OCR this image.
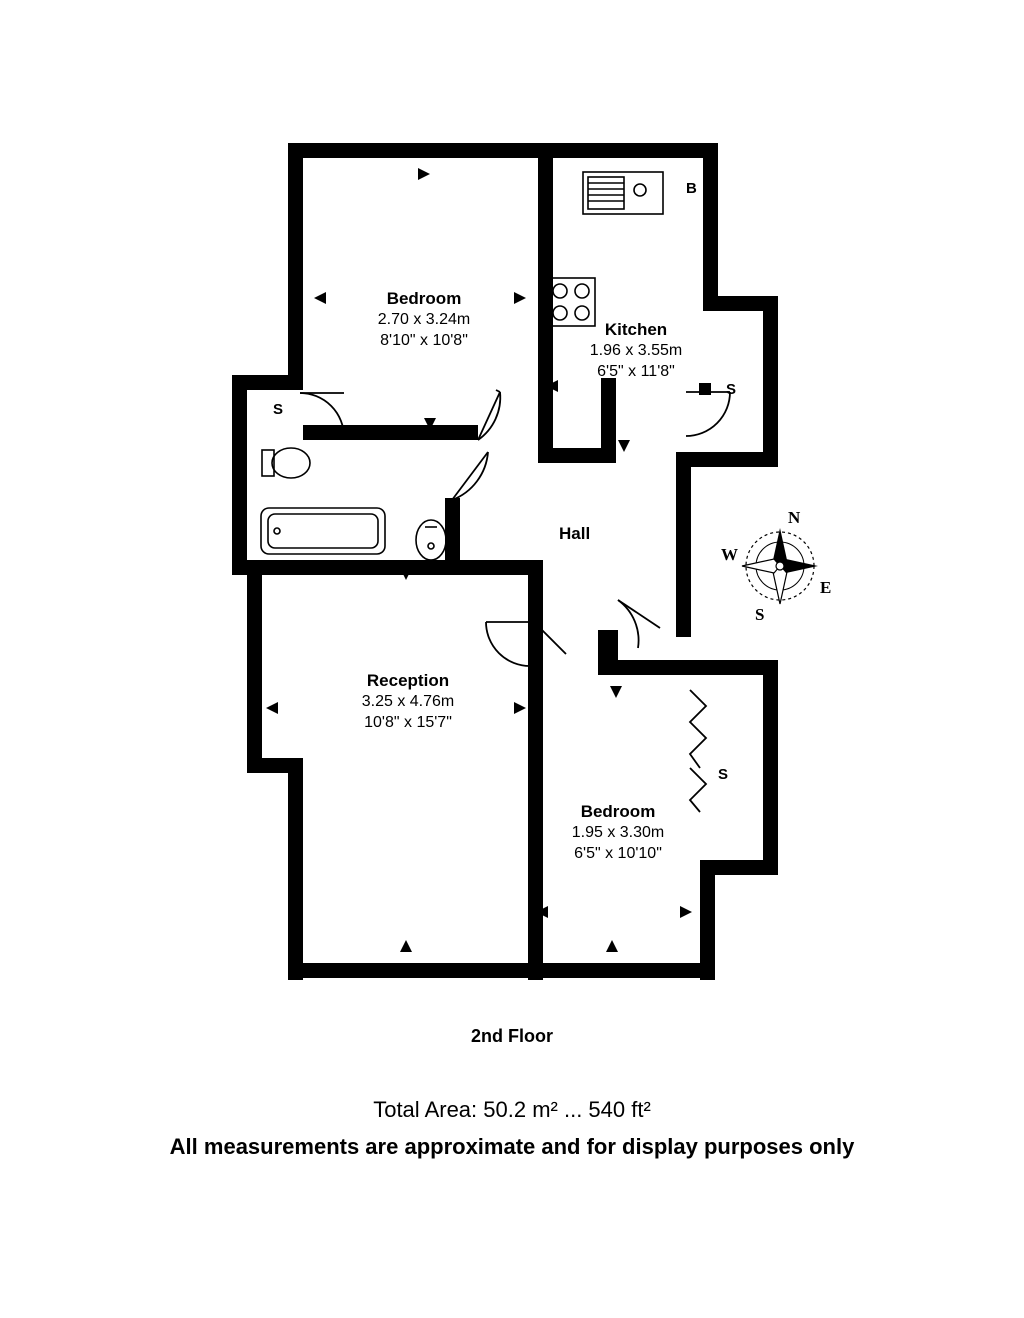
Bedroom
2.70 x 3.24m
8'10" x 10'8"
Kitchen
1.96 x 3.55m
6'5" x 11'8"
Reception
3.25 x 4.76m
10'8" x 15'7"
Bedroom
1.95 x 3.30m
6'5" x 10'10"
Hall
B
S
S
S
N
S
E
W
2nd Floor
Total Area: 50.2 m² ... 540 ft²
All measurements are approximate and for display purposes only
